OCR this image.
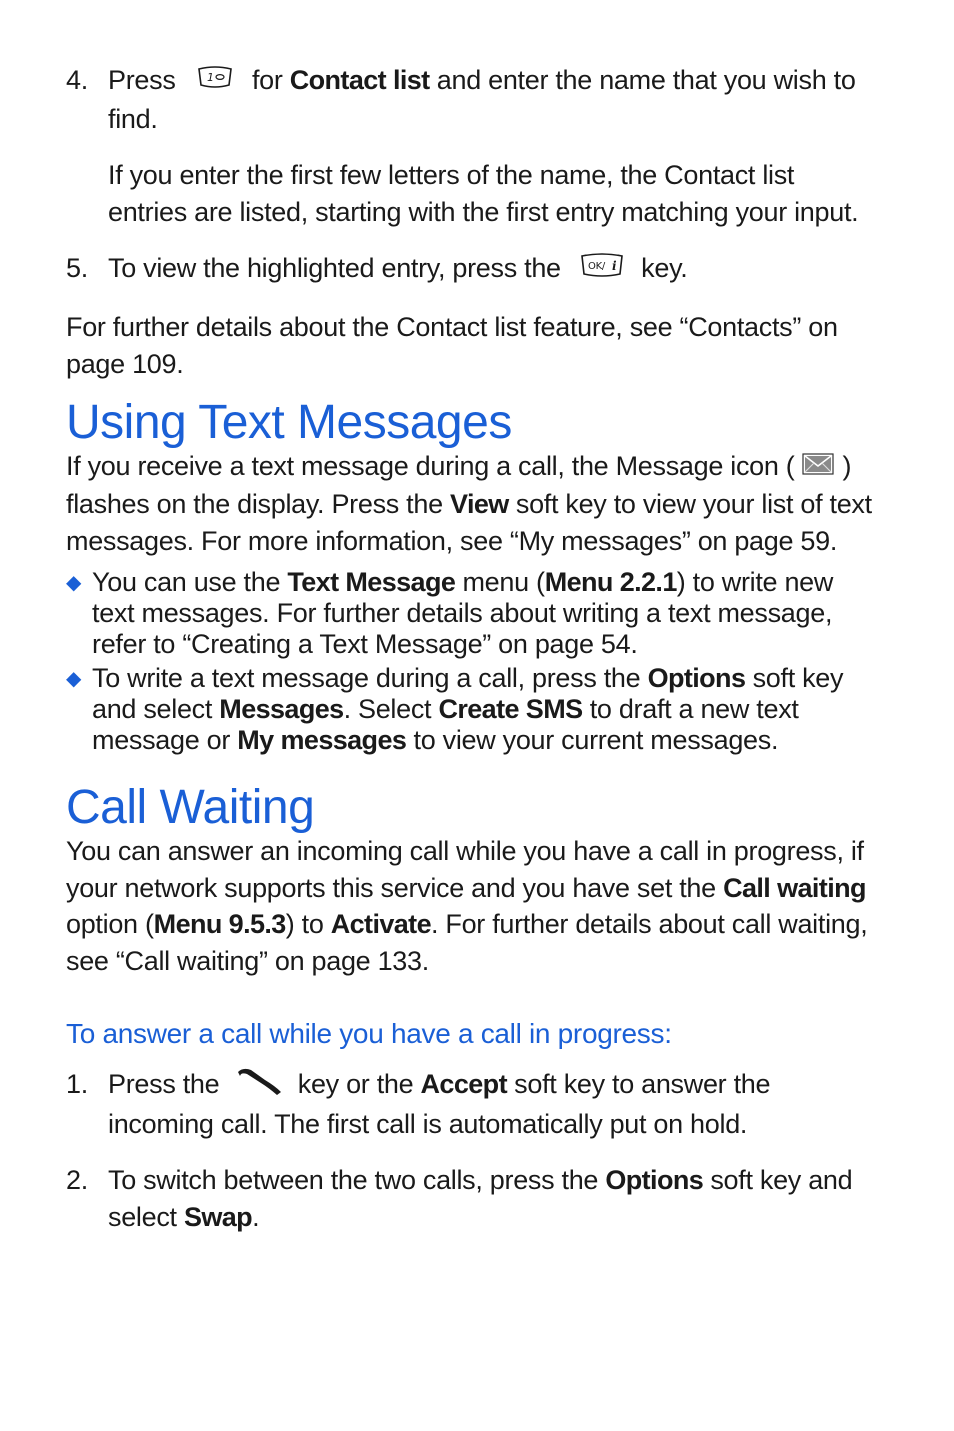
4. Press	1 for Contact list and enter the name that you wish to find.

If you enter the first few letters of the name, the Contact list entries are listed, starting with the first entry matching your input.

5. To view the highlighted entry, press the	OK/ i key.

For further details about the Contact list feature, see “Contacts” on page 109.

Using Text Messages

If you receive a text message during a call, the Message icon ( ) flashes on the display. Press the View soft key to view your list of text messages. For more information, see “My messages” on page 59.

◆ You can use the Text Message menu (Menu 2.2.1) to write new text messages. For further details about writing a text message, refer to “Creating a Text Message” on page 54.
◆ To write a text message during a call, press the Options soft key and select Messages. Select Create SMS to draft a new text message or My messages to view your current messages.
Call Waiting

You can answer an incoming call while you have a call in progress, if your network supports this service and you have set the Call waiting option (Menu 9.5.3) to Activate. For further details about call waiting, see “Call waiting” on page 133.

To answer a call while you have a call in progress:
1. Press the	key or the Accept soft key to answer the incoming call. The first call is automatically put on hold.
2. To switch between the two calls, press the Options soft key and select Swap.
